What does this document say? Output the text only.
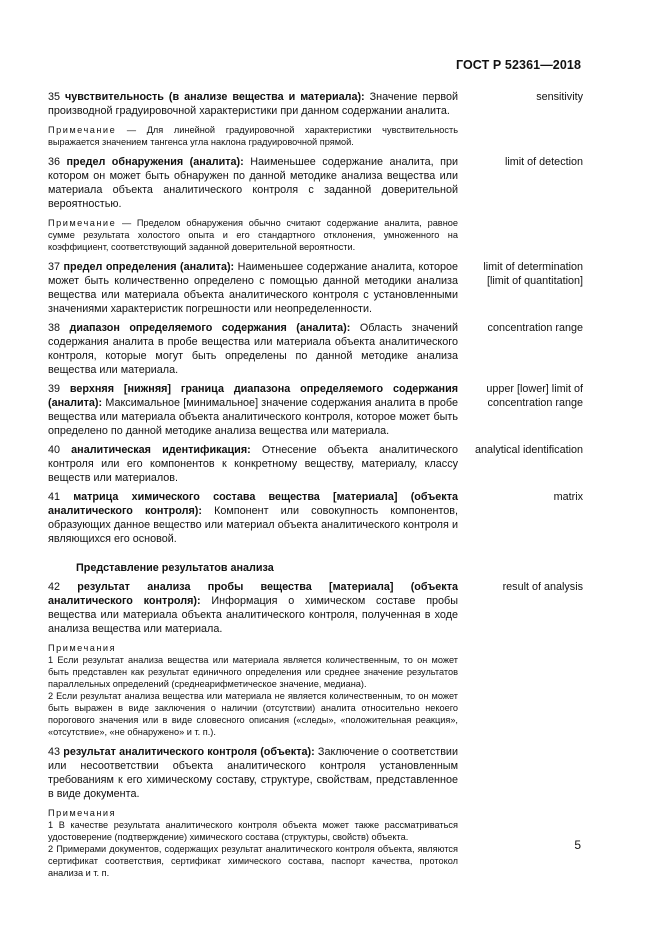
ГОСТ Р 52361—2018
35 чувствительность (в анализе вещества и материала): Значение первой производной градуировочной характеристики при данном содержании аналита.
sensitivity
Примечание — Для линейной градуировочной характеристики чувствительность выражается значением тангенса угла наклона градуировочной прямой.
36 предел обнаружения (аналита): Наименьшее содержание аналита, при котором он может быть обнаружен по данной методике анализа вещества или материала объекта аналитического контроля с заданной доверительной вероятностью.
limit of detection
Примечание — Пределом обнаружения обычно считают содержание аналита, равное сумме результата холостого опыта и его стандартного отклонения, умноженного на коэффициент, соответствующий заданной доверительной вероятности.
37 предел определения (аналита): Наименьшее содержание аналита, которое может быть количественно определено с помощью данной методики анализа вещества или материала объекта аналитического контроля с установленными значениями характеристик погрешности или неопределенности.
limit of determination [limit of quantitation]
38 диапазон определяемого содержания (аналита): Область значений содержания аналита в пробе вещества или материала объекта аналитического контроля, которые могут быть определены по данной методике анализа вещества или материала.
concentration range
39 верхняя [нижняя] граница диапазона определяемого содержания (аналита): Максимальное [минимальное] значение содержания аналита в пробе вещества или материала объекта аналитического контроля, которое может быть определено по данной методике анализа вещества или материала.
upper [lower] limit of concentration range
40 аналитическая идентификация: Отнесение объекта аналитического контроля или его компонентов к конкретному веществу, материалу, классу веществ или материалов.
analytical identification
41 матрица химического состава вещества [материала] (объекта аналитического контроля): Компонент или совокупность компонентов, образующих данное вещество или материал объекта аналитического контроля и являющихся его основой.
matrix
Представление результатов анализа
42 результат анализа пробы вещества [материала] (объекта аналитического контроля): Информация о химическом составе пробы вещества или материала объекта аналитического контроля, полученная в ходе анализа вещества или материала.
result of analysis
Примечания
1 Если результат анализа вещества или материала является количественным, то он может быть представлен как результат единичного определения или среднее значение результатов параллельных определений (среднеарифметическое значение, медиана).
2 Если результат анализа вещества или материала не является количественным, то он может быть выражен в виде заключения о наличии (отсутствии) аналита относительно некоего порогового значения или в виде словесного описания («следы», «положительная реакция», «отсутствие», «не обнаружено» и т. п.).
43 результат аналитического контроля (объекта): Заключение о соответствии или несоответствии объекта аналитического контроля установленным требованиям к его химическому составу, структуре, свойствам, представленное в виде документа.
Примечания
1 В качестве результата аналитического контроля объекта может также рассматриваться удостоверение (подтверждение) химического состава (структуры, свойств) объекта.
2 Примерами документов, содержащих результат аналитического контроля объекта, являются сертификат соответствия, сертификат химического состава, паспорт качества, протокол анализа и т. п.
5
